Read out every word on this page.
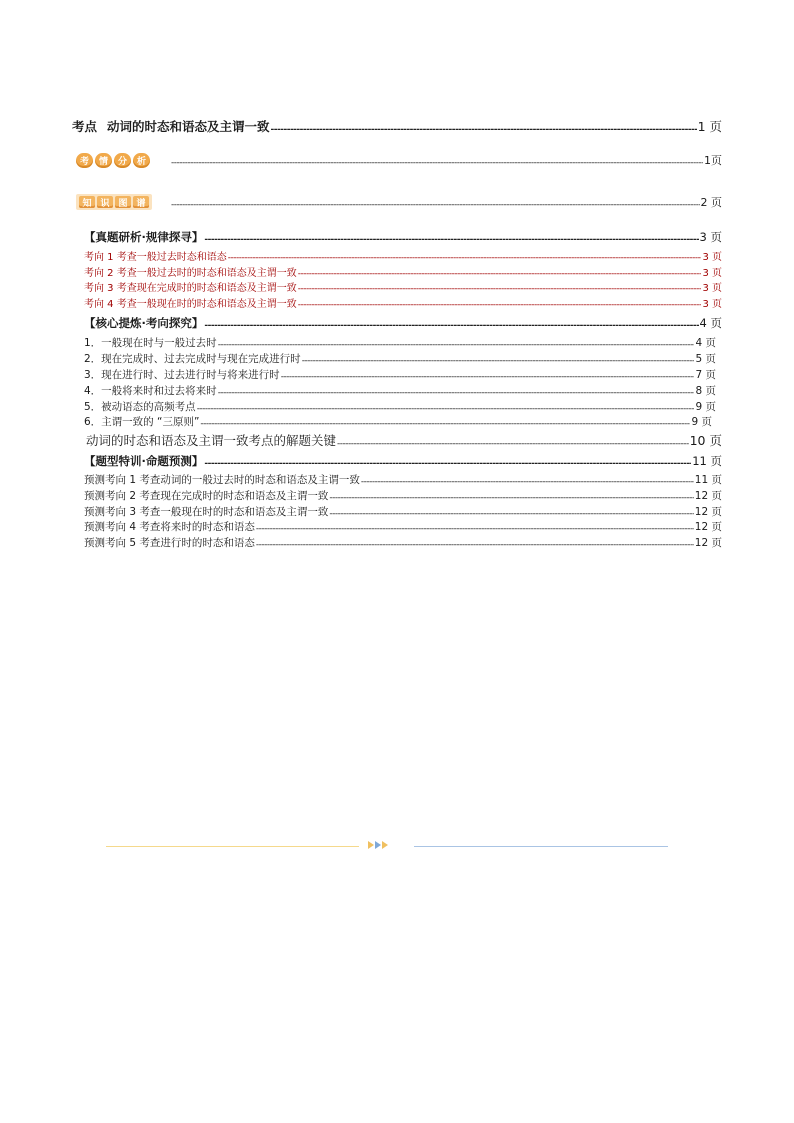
考点 动词的时态和语态及主谓一致 -----	1 页
考	情	分	析 -----	1页
知 识 图 谱 -----	2 页
【真题研析·规律探寻】 -----	3 页
考向 1 考查一般过去时态和语态 -----	3 页
考向 2 考查一般过去时的时态和语态及主谓一致 -----	3 页
考向 3 考查现在完成时的时态和语态及主谓一致 -----	3 页
考向 4 考查一般现在时的时态和语态及主谓一致 -----	3 页
【核心提炼·考向探究】 -----	4 页
1．一般现在时与一般过去时 -----	4 页
2．现在完成时、过去完成时与现在完成进行时 -----	5 页
3．现在进行时、过去进行时与将来进行时 -----	7 页
4．一般将来时和过去将来时 -----	8 页
5．被动语态的高频考点 -----	9 页
6．主谓一致的 “三原则” -----	9 页
动词的时态和语态及主谓一致考点的解题关键 -----	10 页
【题型特训·命题预测】 -----	11 页
预测考向 1 考查动词的一般过去时的时态和语态及主谓一致 -----	11 页
预测考向 2 考查现在完成时的时态和语态及主谓一致 -----	12 页
预测考向 3 考查一般现在时的时态和语态及主谓一致 -----	12 页
预测考向 4 考查将来时的时态和语态 -----	12 页
预测考向 5 考查进行时的时态和语态 -----	12 页
